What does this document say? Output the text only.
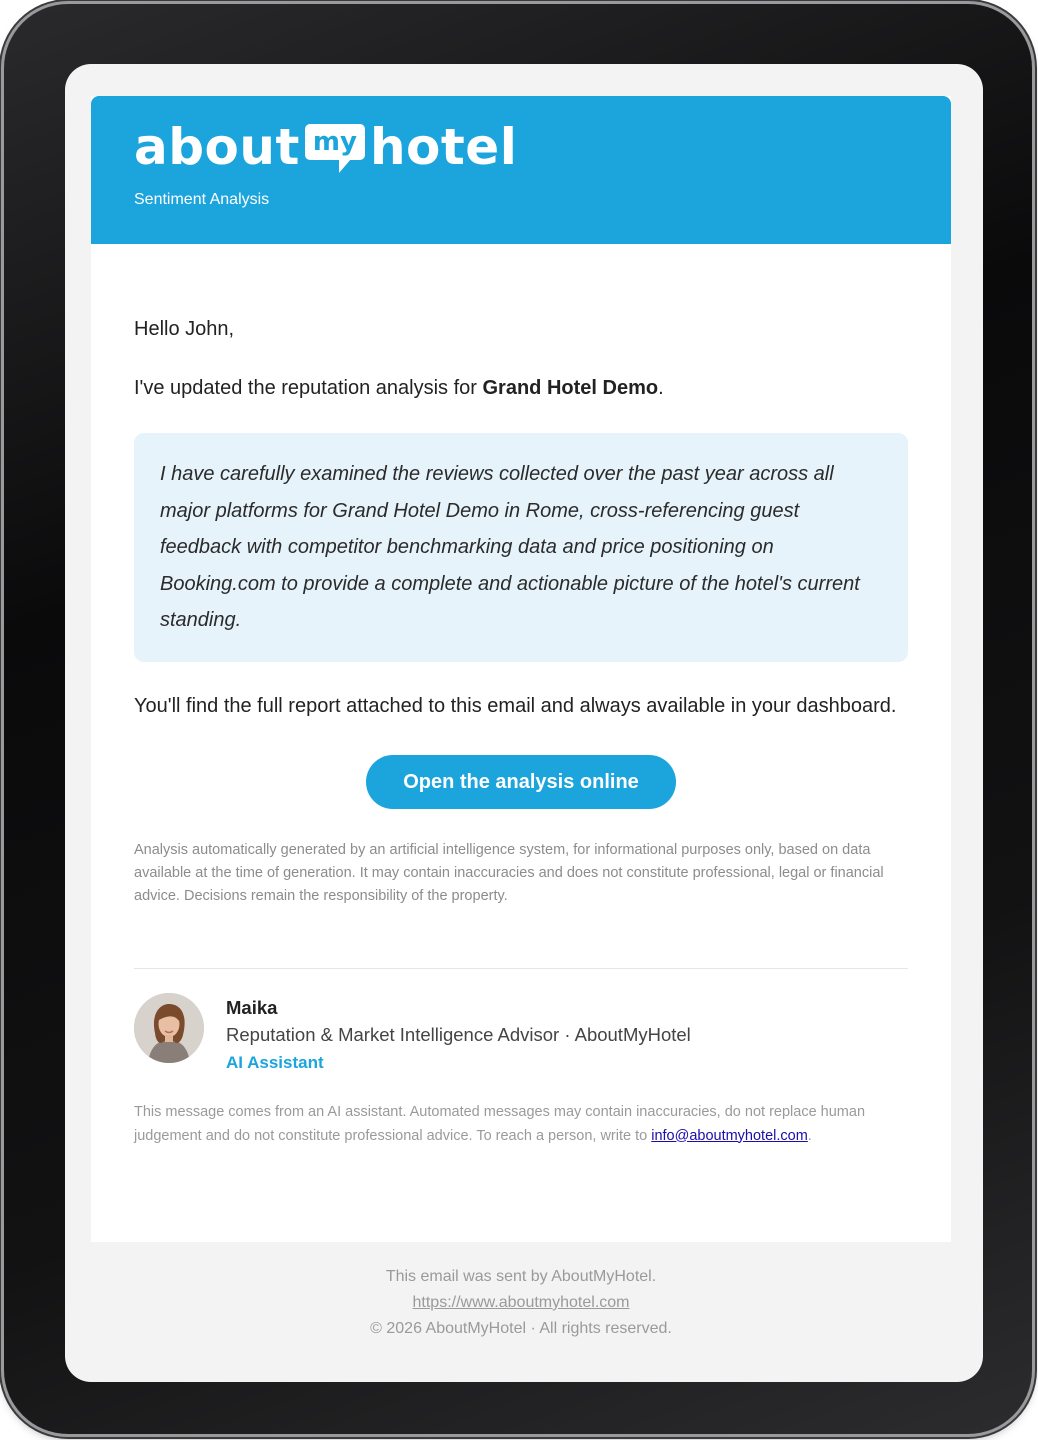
about my hotel
Sentiment Analysis

Hello John,

I've updated the reputation analysis for Grand Hotel Demo.

I have carefully examined the reviews collected over the past year across all major platforms for Grand Hotel Demo in Rome, cross-referencing guest feedback with competitor benchmarking data and price positioning on Booking.com to provide a complete and actionable picture of the hotel's current standing.
You'll find the full report attached to this email and always available in your dashboard.
Open the analysis online
Analysis automatically generated by an artificial intelligence system, for informational purposes only, based on data available at the time of generation. It may contain inaccuracies and does not constitute professional, legal or financial advice. Decisions remain the responsibility of the property.
Maika
Reputation & Market Intelligence Advisor · AboutMyHotel
AI Assistant
This message comes from an AI assistant. Automated messages may contain inaccuracies, do not replace human judgement and do not constitute professional advice. To reach a person, write to info@aboutmyhotel.com.
This email was sent by AboutMyHotel.
https://www.aboutmyhotel.com
© 2026 AboutMyHotel · All rights reserved.
